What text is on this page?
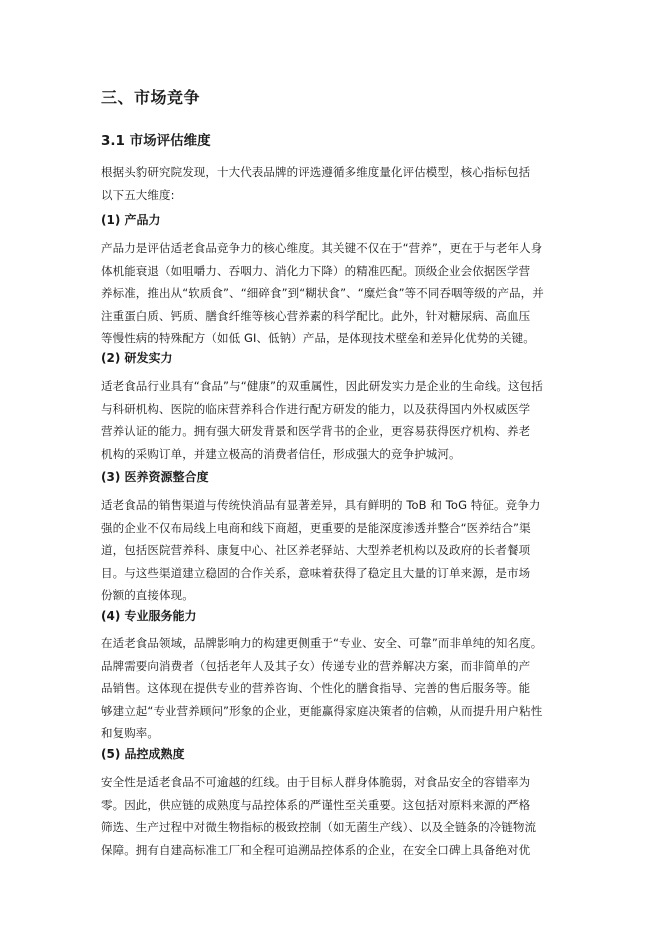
三、市场竞争
3.1 市场评估维度
根据头豹研究院发现，十大代表品牌的评选遵循多维度量化评估模型，核心指标包括
以下五大维度:
(1) 产品力
产品力是评估适老食品竞争力的核心维度。其关键不仅在于“营养”，更在于与老年人身
体机能衰退（如咀嚼力、吞咽力、消化力下降）的精准匹配。顶级企业会依据医学营
养标准，推出从“软质食”、“细碎食”到“糊状食”、“糜烂食”等不同吞咽等级的产品，并
注重蛋白质、钙质、膳食纤维等核心营养素的科学配比。此外，针对糖尿病、高血压
等慢性病的特殊配方（如低 GI、低钠）产品，是体现技术壁垒和差异化优势的关键。
(2) 研发实力
适老食品行业具有“食品”与“健康”的双重属性，因此研发实力是企业的生命线。这包括
与科研机构、医院的临床营养科合作进行配方研发的能力，以及获得国内外权威医学
营养认证的能力。拥有强大研发背景和医学背书的企业，更容易获得医疗机构、养老
机构的采购订单，并建立极高的消费者信任，形成强大的竞争护城河。
(3) 医养资源整合度
适老食品的销售渠道与传统快消品有显著差异，具有鲜明的 ToB 和 ToG 特征。竞争力
强的企业不仅布局线上电商和线下商超，更重要的是能深度渗透并整合“医养结合”渠
道，包括医院营养科、康复中心、社区养老驿站、大型养老机构以及政府的长者餐项
目。与这些渠道建立稳固的合作关系，意味着获得了稳定且大量的订单来源，是市场
份额的直接体现。
(4) 专业服务能力
在适老食品领域，品牌影响力的构建更侧重于“专业、安全、可靠”而非单纯的知名度。
品牌需要向消费者（包括老年人及其子女）传递专业的营养解决方案，而非简单的产
品销售。这体现在提供专业的营养咨询、个性化的膳食指导、完善的售后服务等。能
够建立起“专业营养顾问”形象的企业，更能赢得家庭决策者的信赖，从而提升用户粘性
和复购率。
(5) 品控成熟度
安全性是适老食品不可逾越的红线。由于目标人群身体脆弱，对食品安全的容错率为
零。因此，供应链的成熟度与品控体系的严谨性至关重要。这包括对原料来源的严格
筛选、生产过程中对微生物指标的极致控制（如无菌生产线）、以及全链条的冷链物流
保障。拥有自建高标准工厂和全程可追溯品控体系的企业，在安全口碑上具备绝对优
